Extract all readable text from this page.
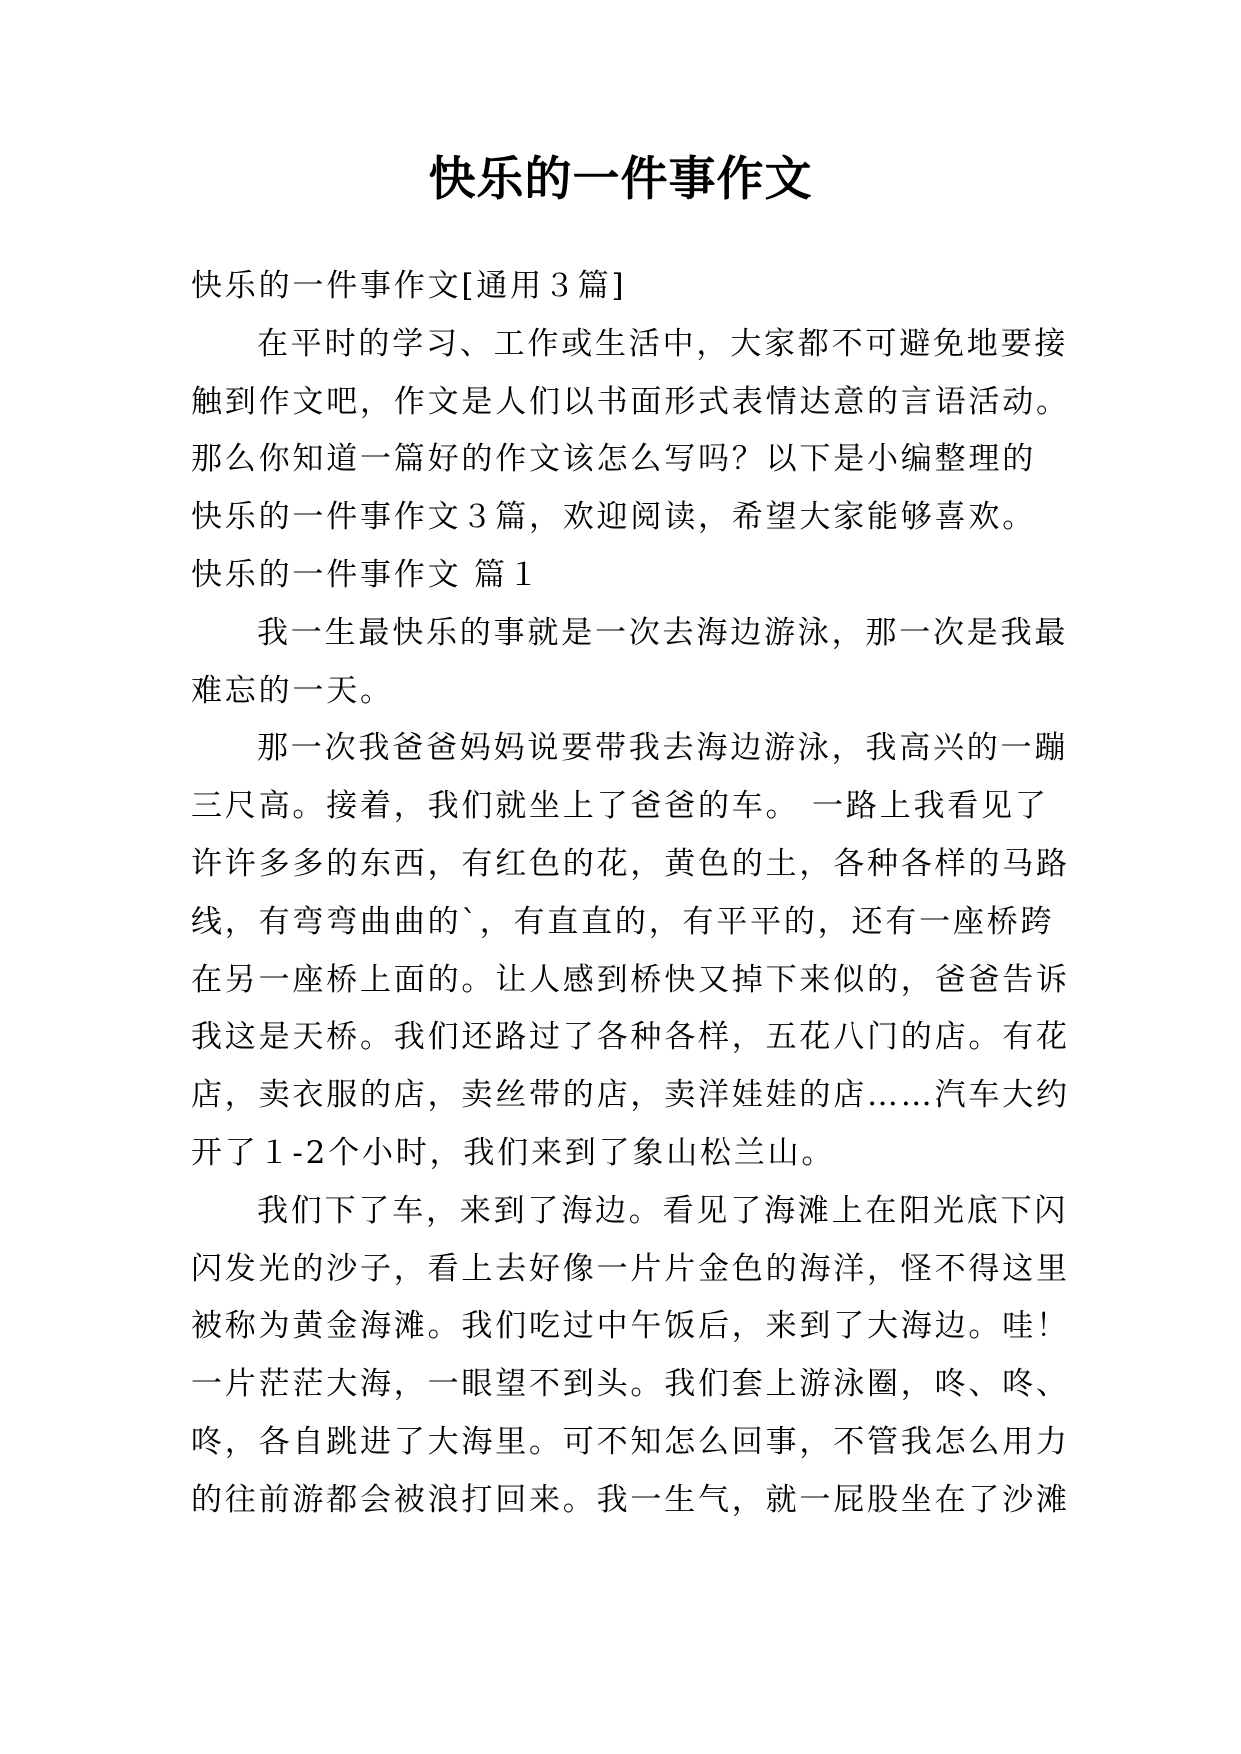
快乐的一件事作文
快乐的一件事作文[通用３篇]
在平时的学习、工作或生活中，大家都不可避免地要接
触到作文吧，作文是人们以书面形式表情达意的言语活动。
那么你知道一篇好的作文该怎么写吗？以下是小编整理的
快乐的一件事作文３篇，欢迎阅读，希望大家能够喜欢。
快乐的一件事作文 篇１
我一生最快乐的事就是一次去海边游泳，那一次是我最
难忘的一天。
那一次我爸爸妈妈说要带我去海边游泳，我高兴的一蹦
三尺高。接着，我们就坐上了爸爸的车。 一路上我看见了
许许多多的东西，有红色的花，黄色的土，各种各样的马路
线，有弯弯曲曲的`，有直直的，有平平的，还有一座桥跨
在另一座桥上面的。让人感到桥快又掉下来似的，爸爸告诉
我这是天桥。我们还路过了各种各样，五花八门的店。有花
店，卖衣服的店，卖丝带的店，卖洋娃娃的店……汽车大约
开了１-2个小时，我们来到了象山松兰山。
我们下了车，来到了海边。看见了海滩上在阳光底下闪
闪发光的沙子，看上去好像一片片金色的海洋，怪不得这里
被称为黄金海滩。我们吃过中午饭后，来到了大海边。哇！
一片茫茫大海，一眼望不到头。我们套上游泳圈，咚、咚、
咚，各自跳进了大海里。可不知怎么回事，不管我怎么用力
的往前游都会被浪打回来。我一生气，就一屁股坐在了沙滩
